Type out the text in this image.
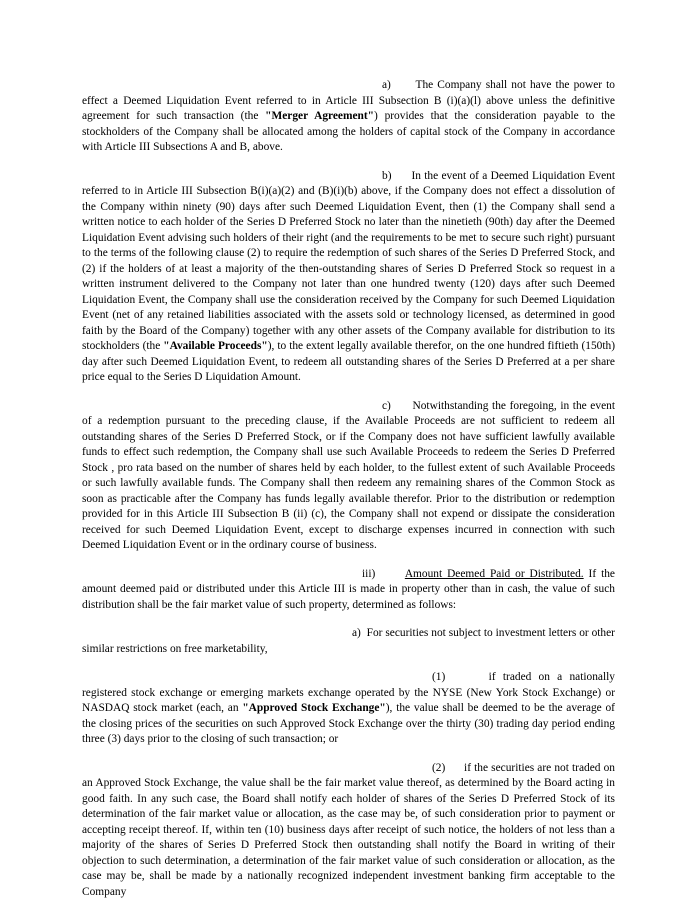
a) The Company shall not have the power to effect a Deemed Liquidation Event referred to in Article III Subsection B (i)(a)(l) above unless the definitive agreement for such transaction (the "Merger Agreement") provides that the consideration payable to the stockholders of the Company shall be allocated among the holders of capital stock of the Company in accordance with Article III Subsections A and B, above.

b) In the event of a Deemed Liquidation Event referred to in Article III Subsection B(i)(a)(2) and (B)(i)(b) above, if the Company does not effect a dissolution of the Company within ninety (90) days after such Deemed Liquidation Event, then (1) the Company shall send a written notice to each holder of the Series D Preferred Stock no later than the ninetieth (90th) day after the Deemed Liquidation Event advising such holders of their right (and the requirements to be met to secure such right) pursuant to the terms of the following clause (2) to require the redemption of such shares of the Series D Preferred Stock, and (2) if the holders of at least a majority of the then-outstanding shares of Series D Preferred Stock so request in a written instrument delivered to the Company not later than one hundred twenty (120) days after such Deemed Liquidation Event, the Company shall use the consideration received by the Company for such Deemed Liquidation Event (net of any retained liabilities associated with the assets sold or technology licensed, as determined in good faith by the Board of the Company) together with any other assets of the Company available for distribution to its stockholders (the "Available Proceeds"), to the extent legally available therefor, on the one hundred fiftieth (150th) day after such Deemed Liquidation Event, to redeem all outstanding shares of the Series D Preferred at a per share price equal to the Series D Liquidation Amount.

c) Notwithstanding the foregoing, in the event of a redemption pursuant to the preceding clause, if the Available Proceeds are not sufficient to redeem all outstanding shares of the Series D Preferred Stock, or if the Company does not have sufficient lawfully available funds to effect such redemption, the Company shall use such Available Proceeds to redeem the Series D Preferred Stock , pro rata based on the number of shares held by each holder, to the fullest extent of such Available Proceeds or such lawfully available funds. The Company shall then redeem any remaining shares of the Common Stock as soon as practicable after the Company has funds legally available therefor. Prior to the distribution or redemption provided for in this Article III Subsection B (ii) (c), the Company shall not expend or dissipate the consideration received for such Deemed Liquidation Event, except to discharge expenses incurred in connection with such Deemed Liquidation Event or in the ordinary course of business.

iii)	Amount Deemed Paid or Distributed. If the amount deemed paid or distributed under this Article III is made in property other than in cash, the value of such distribution shall be the fair market value of such property, determined as follows:

a) For securities not subject to investment letters or other similar restrictions on free marketability,

(1)	if traded on a nationally registered stock exchange or emerging markets exchange operated by the NYSE (New York Stock Exchange) or NASDAQ stock market (each, an "Approved Stock Exchange"), the value shall be deemed to be the average of the closing prices of the securities on such Approved Stock Exchange over the thirty (30) trading day period ending three (3) days prior to the closing of such transaction; or

(2) if the securities are not traded on an Approved Stock Exchange, the value shall be the fair market value thereof, as determined by the Board acting in good faith. In any such case, the Board shall notify each holder of shares of the Series D Preferred Stock of its determination of the fair market value or allocation, as the case may be, of such consideration prior to payment or accepting receipt thereof. If, within ten (10) business days after receipt of such notice, the holders of not less than a majority of the shares of Series D Preferred Stock then outstanding shall notify the Board in writing of their objection to such determination, a determination of the fair market value of such consideration or allocation, as the case may be, shall be made by a nationally recognized independent investment banking firm acceptable to the Company
